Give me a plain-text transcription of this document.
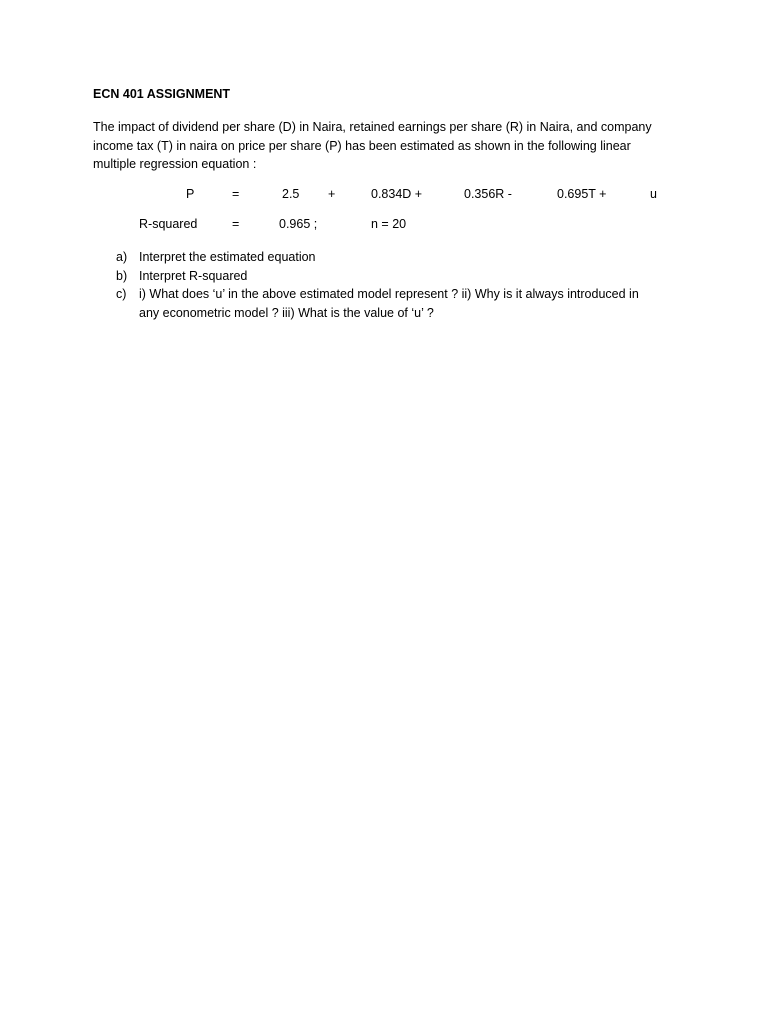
ECN 401 ASSIGNMENT
The impact of dividend per share (D) in Naira, retained earnings per share (R) in Naira, and company
income tax (T) in naira on price per share (P) has been estimated as shown in the following linear
multiple regression equation :
P	=	2.5 +	0.834D +	0.356R -	0.695T +	u
R-squared	=	0.965 ;	n = 20
a) Interpret the estimated equation
b) Interpret R-squared
c) i) What does ‘u’ in the above estimated model represent ? ii) Why is it always introduced in
any econometric model ? iii) What is the value of ‘u’ ?
